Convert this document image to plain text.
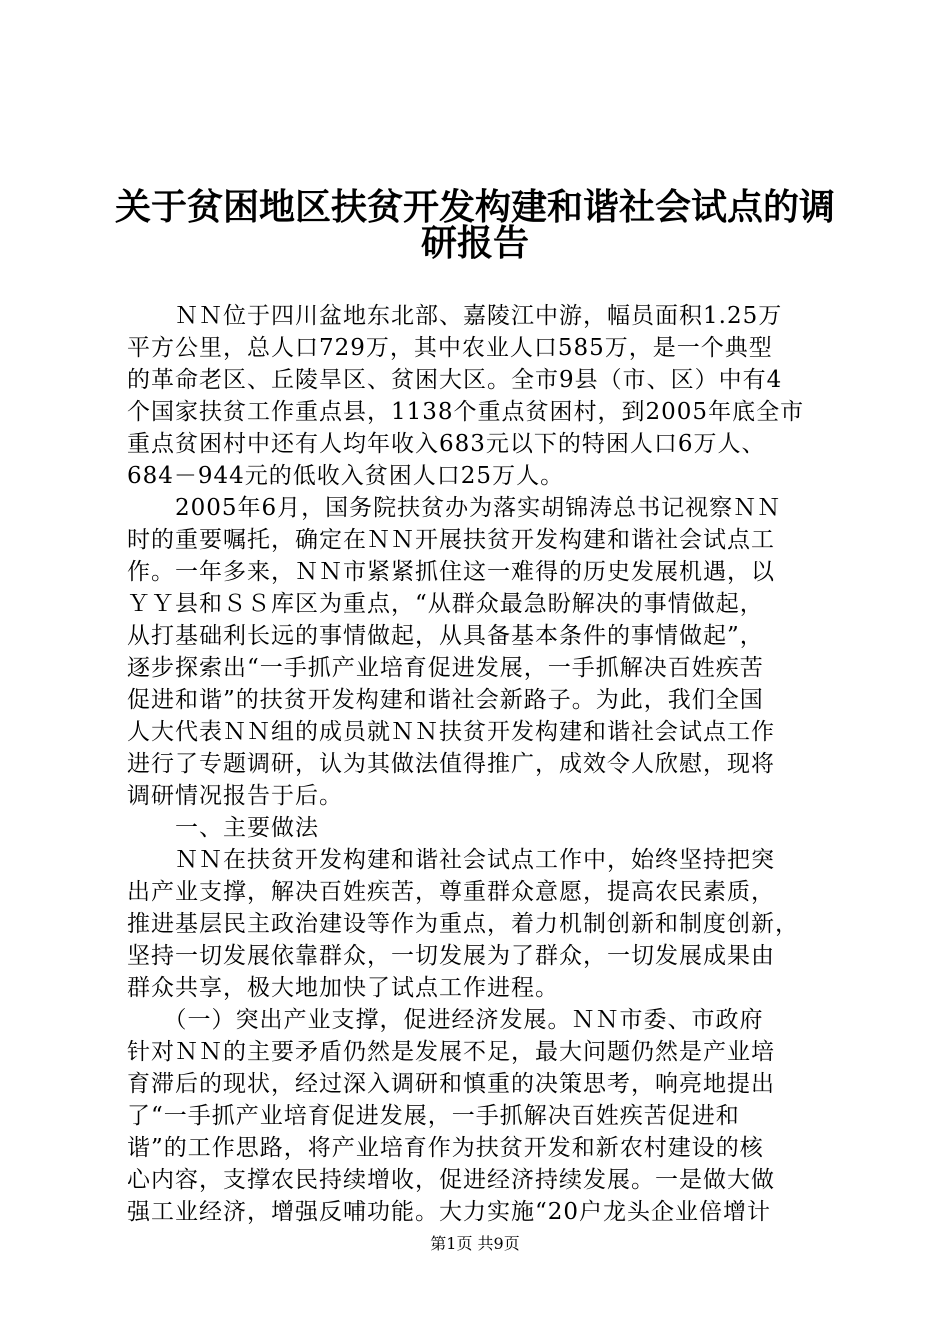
关于贫困地区扶贫开发构建和谐社会试点的调
研报告
　　ＮＮ位于四川盆地东北部、嘉陵江中游，幅员面积1.25万
平方公里，总人口729万，其中农业人口585万，是一个典型
的革命老区、丘陵旱区、贫困大区。全市9县（市、区）中有4
个国家扶贫工作重点县，1138个重点贫困村，到2005年底全市
重点贫困村中还有人均年收入683元以下的特困人口6万人、
684－944元的低收入贫困人口25万人。
　　2005年6月，国务院扶贫办为落实胡锦涛总书记视察ＮＮ
时的重要嘱托，确定在ＮＮ开展扶贫开发构建和谐社会试点工
作。一年多来，ＮＮ市紧紧抓住这一难得的历史发展机遇，以
ＹＹ县和ＳＳ库区为重点，“从群众最急盼解决的事情做起，
从打基础利长远的事情做起，从具备基本条件的事情做起”，
逐步探索出“一手抓产业培育促进发展，一手抓解决百姓疾苦
促进和谐”的扶贫开发构建和谐社会新路子。为此，我们全国
人大代表ＮＮ组的成员就ＮＮ扶贫开发构建和谐社会试点工作
进行了专题调研，认为其做法值得推广，成效令人欣慰，现将
调研情况报告于后。
　　一、主要做法
　　ＮＮ在扶贫开发构建和谐社会试点工作中，始终坚持把突
出产业支撑，解决百姓疾苦，尊重群众意愿，提高农民素质，
推进基层民主政治建设等作为重点，着力机制创新和制度创新，
坚持一切发展依靠群众，一切发展为了群众，一切发展成果由
群众共享，极大地加快了试点工作进程。
　　（一）突出产业支撑，促进经济发展。ＮＮ市委、市政府
针对ＮＮ的主要矛盾仍然是发展不足，最大问题仍然是产业培
育滞后的现状，经过深入调研和慎重的决策思考，响亮地提出
了“一手抓产业培育促进发展，一手抓解决百姓疾苦促进和
谐”的工作思路，将产业培育作为扶贫开发和新农村建设的核
心内容，支撑农民持续增收，促进经济持续发展。一是做大做
强工业经济，增强反哺功能。大力实施“20户龙头企业倍增计
第1页 共9页
